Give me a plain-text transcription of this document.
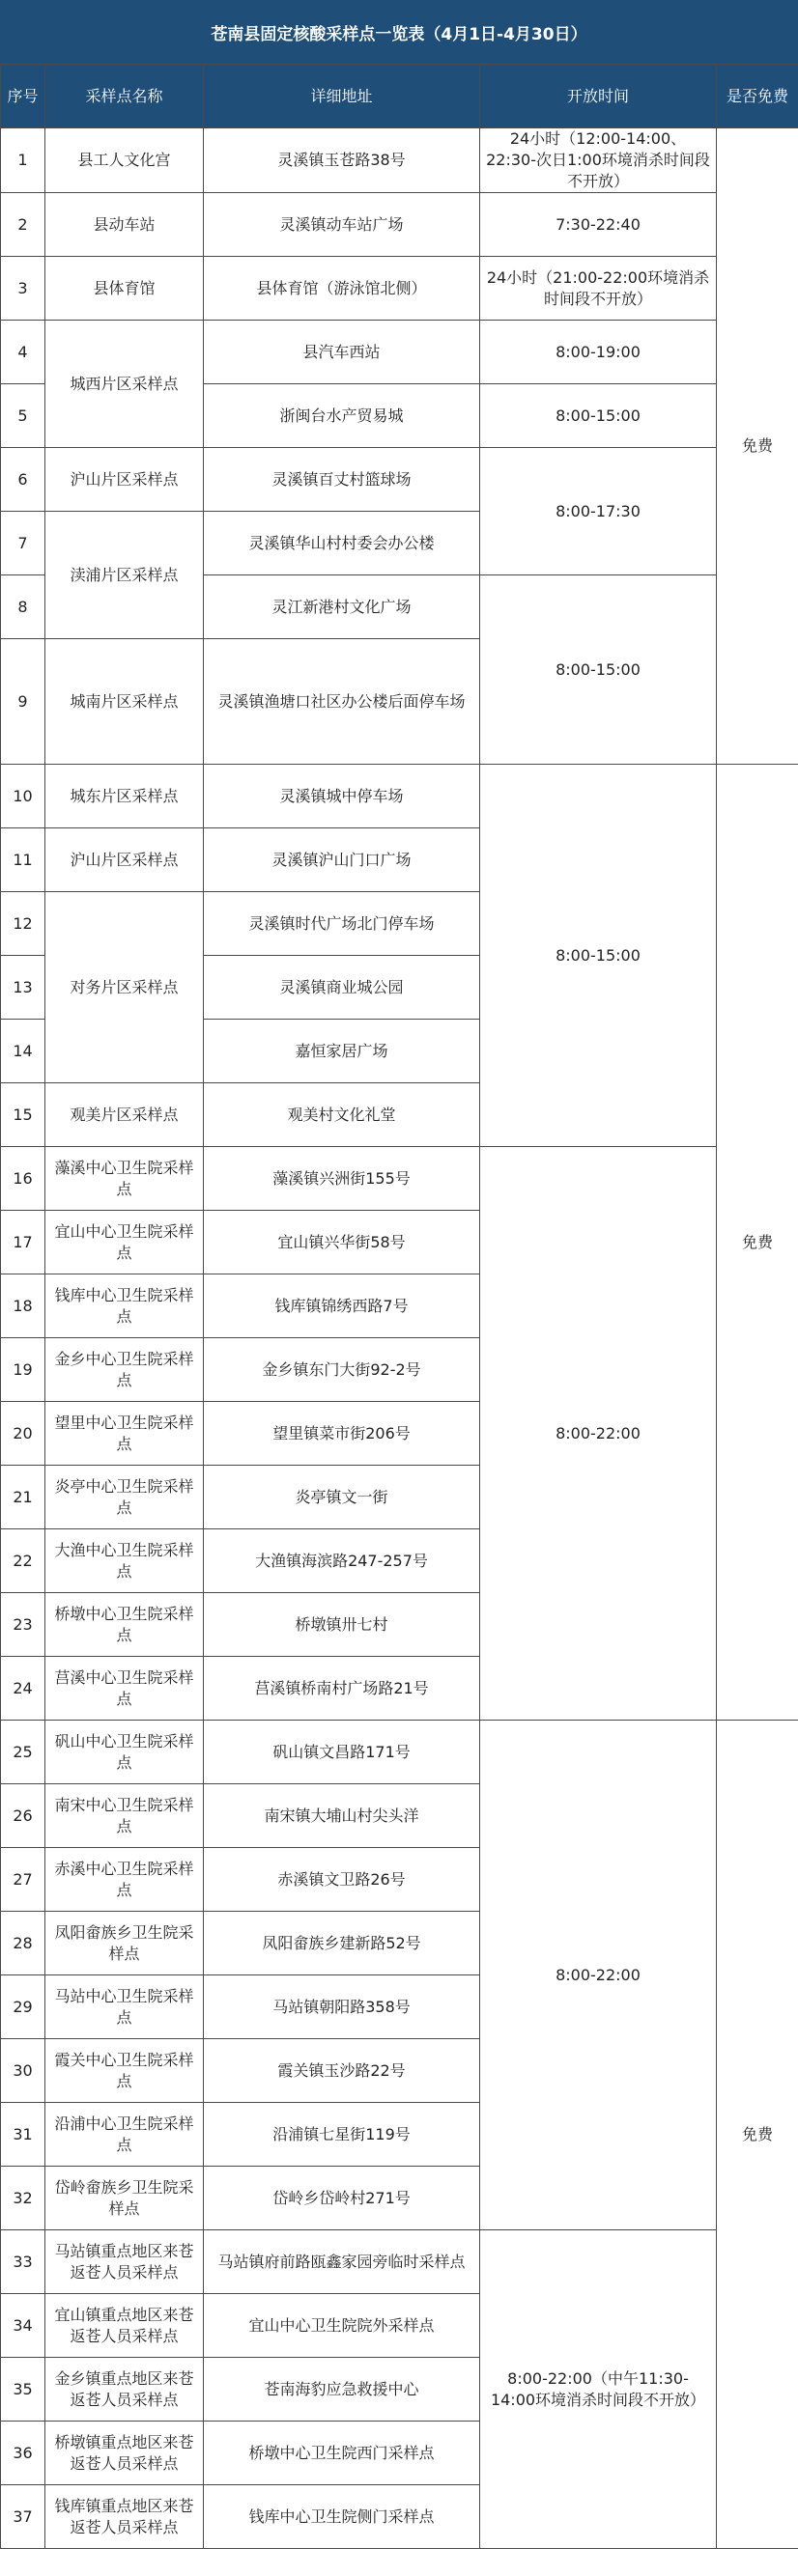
苍南县固定核酸采样点一览表（4月1日-4月30日）
序号	采样点名称	详细地址	开放时间	是否免费
1	县工人文化宫	灵溪镇玉苍路38号	24小时（12:00-14:00、22:30-次日1:00环境消杀时间段不开放）	免费
2	县动车站	灵溪镇动车站广场	7:30-22:40	
3	县体育馆	县体育馆（游泳馆北侧）	24小时（21:00-22:00环境消杀时间段不开放）	
4	城西片区采样点	县汽车西站	8:00-19:00	
5		浙闽台水产贸易城	8:00-15:00	
6	沪山片区采样点	灵溪镇百丈村篮球场	8:00-17:30	
7	渎浦片区采样点	灵溪镇华山村村委会办公楼		
8		灵江新港村文化广场	8:00-15:00	
9	城南片区采样点	灵溪镇渔塘口社区办公楼后面停车场		
10	城东片区采样点	灵溪镇城中停车场	8:00-15:00	免费
11	沪山片区采样点	灵溪镇沪山门口广场		
12	对务片区采样点	灵溪镇时代广场北门停车场		
13		灵溪镇商业城公园		
14		嘉恒家居广场		
15	观美片区采样点	观美村文化礼堂		
16	藻溪中心卫生院采样点	藻溪镇兴洲街155号	8:00-22:00	
17	宜山中心卫生院采样点	宜山镇兴华街58号		
18	钱库中心卫生院采样点	钱库镇锦绣西路7号		
19	金乡中心卫生院采样点	金乡镇东门大街92-2号		
20	望里中心卫生院采样点	望里镇菜市街206号		
21	炎亭中心卫生院采样点	炎亭镇文一街		
22	大渔中心卫生院采样点	大渔镇海滨路247-257号		
23	桥墩中心卫生院采样点	桥墩镇卅七村		
24	莒溪中心卫生院采样点	莒溪镇桥南村广场路21号		
25	矾山中心卫生院采样点	矾山镇文昌路171号	8:00-22:00	免费
26	南宋中心卫生院采样点	南宋镇大埔山村尖头洋		
27	赤溪中心卫生院采样点	赤溪镇文卫路26号		
28	凤阳畲族乡卫生院采样点	凤阳畲族乡建新路52号		
29	马站中心卫生院采样点	马站镇朝阳路358号		
30	霞关中心卫生院采样点	霞关镇玉沙路22号		
31	沿浦中心卫生院采样点	沿浦镇七星街119号		
32	岱岭畲族乡卫生院采样点	岱岭乡岱岭村271号		
33	马站镇重点地区来苍返苍人员采样点	马站镇府前路瓯鑫家园旁临时采样点	8:00-22:00（中午11:30-14:00环境消杀时间段不开放）	
34	宜山镇重点地区来苍返苍人员采样点	宜山中心卫生院院外采样点		
35	金乡镇重点地区来苍返苍人员采样点	苍南海豹应急救援中心		
36	桥墩镇重点地区来苍返苍人员采样点	桥墩中心卫生院西门采样点		
37	钱库镇重点地区来苍返苍人员采样点	钱库中心卫生院侧门采样点		
